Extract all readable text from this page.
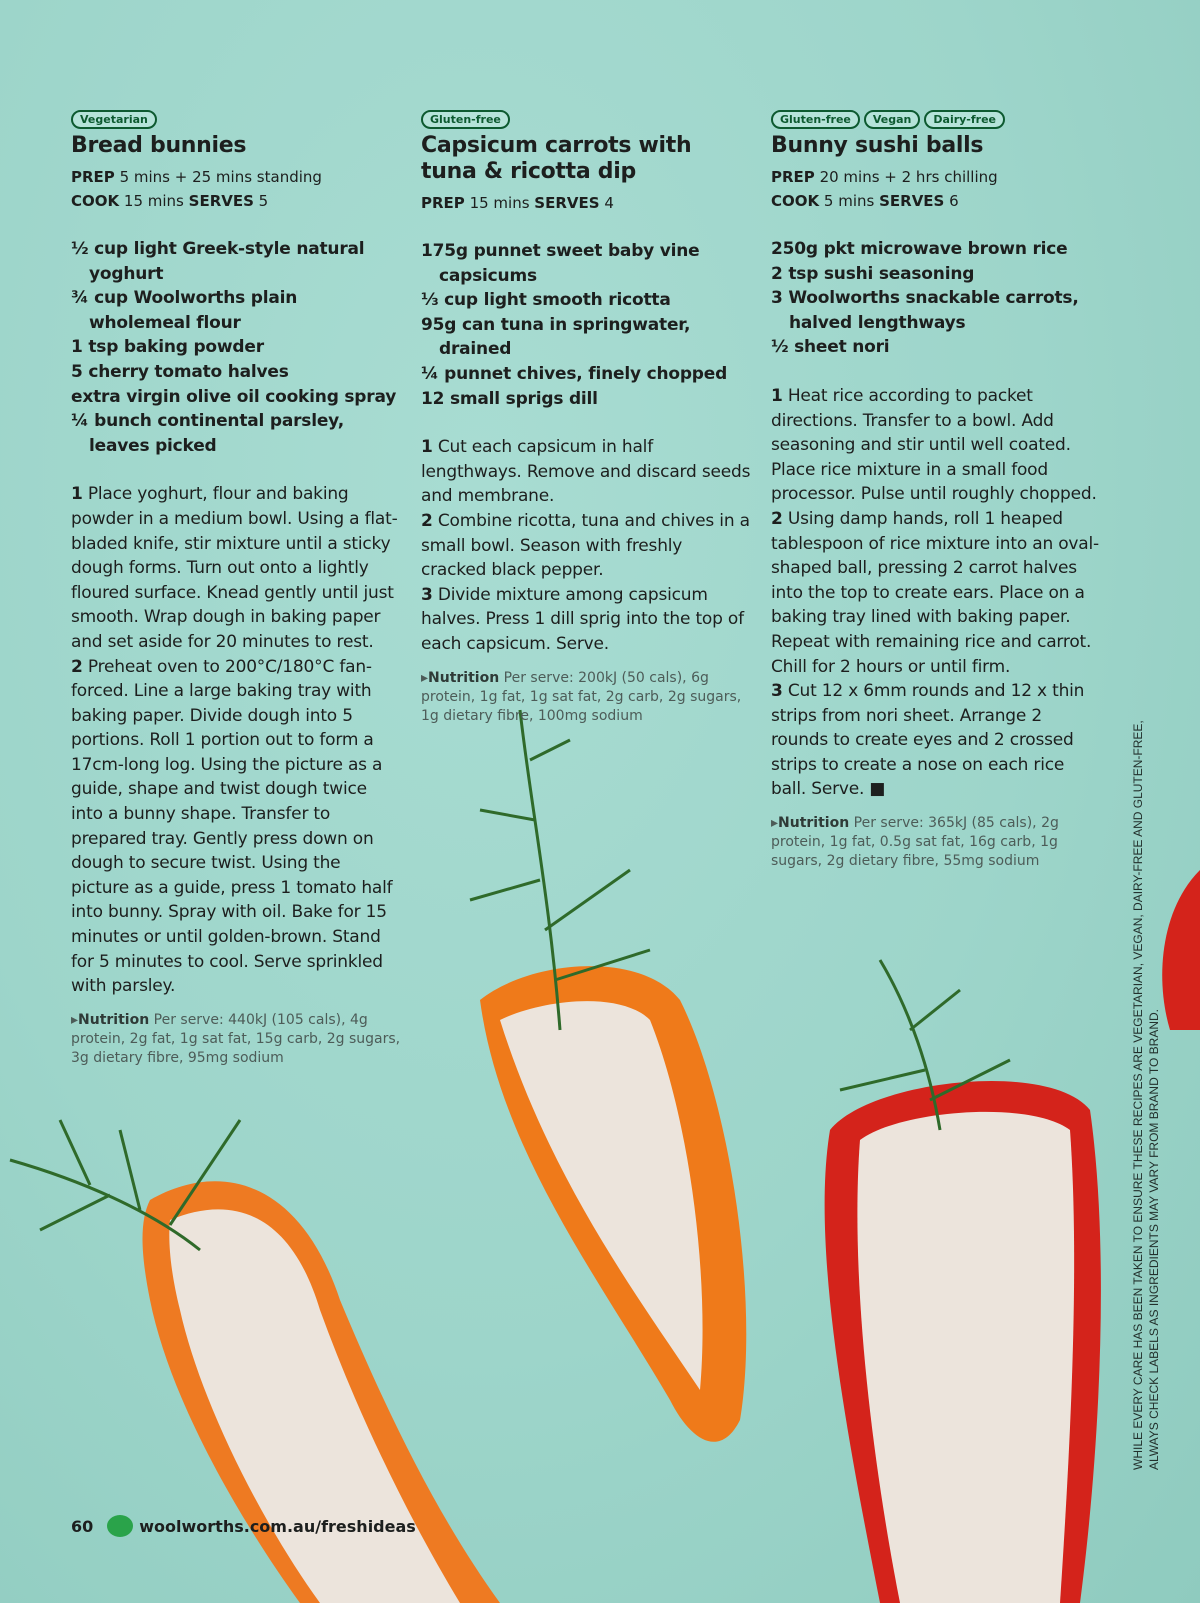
Vegetarian
Bread bunnies
PREP 5 mins + 25 mins standing
COOK 15 mins SERVES 5
½ cup light Greek-style natural yoghurt
¾ cup Woolworths plain wholemeal flour
1 tsp baking powder
5 cherry tomato halves
extra virgin olive oil cooking spray
¼ bunch continental parsley, leaves picked

1 Place yoghurt, flour and baking powder in a medium bowl. Using a flat-bladed knife, stir mixture until a sticky dough forms. Turn out onto a lightly floured surface. Knead gently until just smooth. Wrap dough in baking paper and set aside for 20 minutes to rest.

2 Preheat oven to 200°C/180°C fan-forced. Line a large baking tray with baking paper. Divide dough into 5 portions. Roll 1 portion out to form a 17cm-long log. Using the picture as a guide, shape and twist dough twice into a bunny shape. Transfer to prepared tray. Gently press down on dough to secure twist. Using the picture as a guide, press 1 tomato half into bunny. Spray with oil. Bake for 15 minutes or until golden-brown. Stand for 5 minutes to cool. Serve sprinkled with parsley.

▸Nutrition Per serve: 440kJ (105 cals), 4g protein, 2g fat, 1g sat fat, 15g carb, 2g sugars, 3g dietary fibre, 95mg sodium
Gluten-free
Capsicum carrots with tuna & ricotta dip
PREP 15 mins SERVES 4
175g punnet sweet baby vine capsicums
⅓ cup light smooth ricotta
95g can tuna in springwater, drained
¼ punnet chives, finely chopped
12 small sprigs dill

1 Cut each capsicum in half lengthways. Remove and discard seeds and membrane.

2 Combine ricotta, tuna and chives in a small bowl. Season with freshly cracked black pepper.

3 Divide mixture among capsicum halves. Press 1 dill sprig into the top of each capsicum. Serve.

▸Nutrition Per serve: 200kJ (50 cals), 6g protein, 1g fat, 1g sat fat, 2g carb, 2g sugars, 1g dietary fibre, 100mg sodium
Gluten-free	Vegan	Dairy-free
Bunny sushi balls
PREP 20 mins + 2 hrs chilling
COOK 5 mins SERVES 6
250g pkt microwave brown rice
2 tsp sushi seasoning
3 Woolworths snackable carrots, halved lengthways
½ sheet nori

1 Heat rice according to packet directions. Transfer to a bowl. Add seasoning and stir until well coated. Place rice mixture in a small food processor. Pulse until roughly chopped.

2 Using damp hands, roll 1 heaped tablespoon of rice mixture into an oval-shaped ball, pressing 2 carrot halves into the top to create ears. Place on a baking tray lined with baking paper. Repeat with remaining rice and carrot. Chill for 2 hours or until firm.

3 Cut 12 x 6mm rounds and 12 x thin strips from nori sheet. Arrange 2 rounds to create eyes and 2 crossed strips to create a nose on each rice ball. Serve. ■

▸Nutrition Per serve: 365kJ (85 cals), 2g protein, 1g fat, 0.5g sat fat, 16g carb, 1g sugars, 2g dietary fibre, 55mg sodium	WHILE EVERY CARE HAS BEEN TAKEN TO ENSURE THESE RECIPES ARE VEGETARIAN, VEGAN, DAIRY-FREE AND GLUTEN-FREE, ALWAYS CHECK LABELS AS INGREDIENTS MAY VARY FROM BRAND TO BRAND.
60	woolworths.com.au/freshideas
